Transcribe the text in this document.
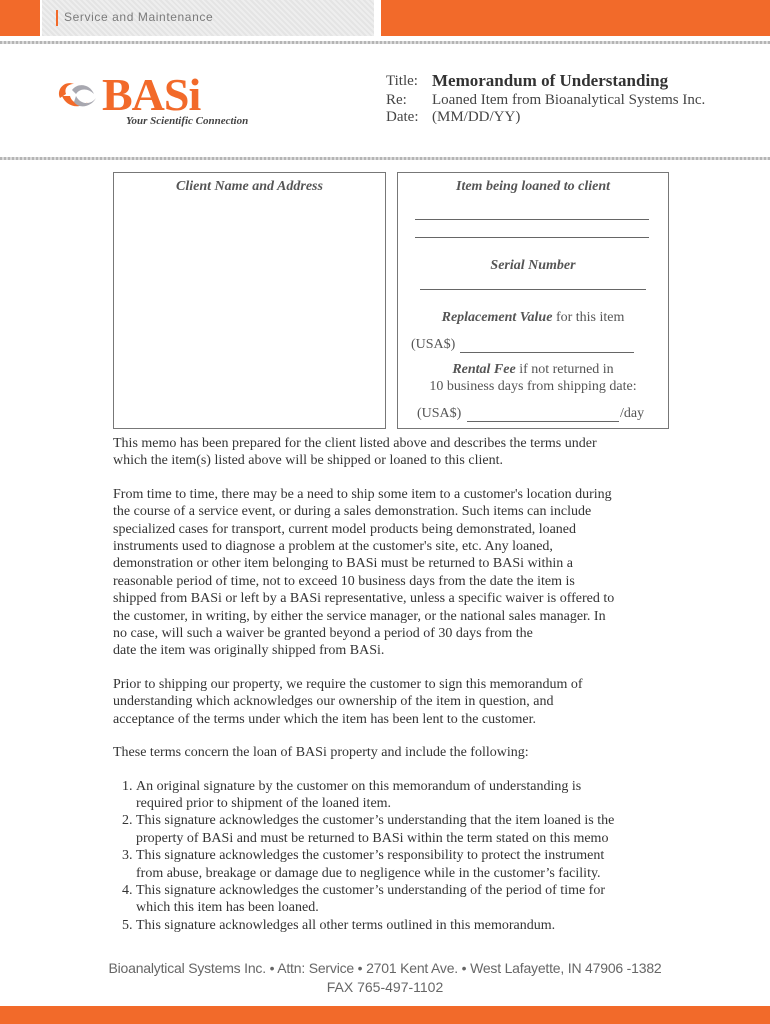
Service and Maintenance
BASi
Your Scientific Connection
Title: Memorandum of Understanding
Re:	Loaned Item from Bioanalytical Systems Inc.
Date: (MM/DD/YY)
Client Name and Address	Item being loaned to client
Serial Number
Replacement Value for this item
(USA$)
Rental Fee if not returned in
10 business days from shipping date:
(USA$)	/day

This memo has been prepared for the client listed above and describes the terms under
which the item(s) listed above will be shipped or loaned to this client.

From time to time, there may be a need to ship some item to a customer's location during
the course of a service event, or during a sales demonstration. Such items can include
specialized cases for transport, current model products being demonstrated, loaned
instruments used to diagnose a problem at the customer's site, etc. Any loaned,
demonstration or other item belonging to BASi must be returned to BASi within a
reasonable period of time, not to exceed 10 business days from the date the item is
shipped from BASi or left by a BASi representative, unless a specific waiver is offered to
the customer, in writing, by either the service manager, or the national sales manager. In
no case, will such a waiver be granted beyond a period of 30 days from the
date the item was originally shipped from BASi.

Prior to shipping our property, we require the customer to sign this memorandum of
understanding which acknowledges our ownership of the item in question, and
acceptance of the terms under which the item has been lent to the customer.

These terms concern the loan of BASi property and include the following:

1. An original signature by the customer on this memorandum of understanding is
required prior to shipment of the loaned item.
2. This signature acknowledges the customer’s understanding that the item loaned is the
property of BASi and must be returned to BASi within the term stated on this memo
3. This signature acknowledges the customer’s responsibility to protect the instrument
from abuse, breakage or damage due to negligence while in the customer’s facility.
4. This signature acknowledges the customer’s understanding of the period of time for
which this item has been loaned.
5. This signature acknowledges all other terms outlined in this memorandum.
Bioanalytical Systems Inc. • Attn: Service • 2701 Kent Ave. • West Lafayette, IN 47906 -1382
FAX 765-497-1102
